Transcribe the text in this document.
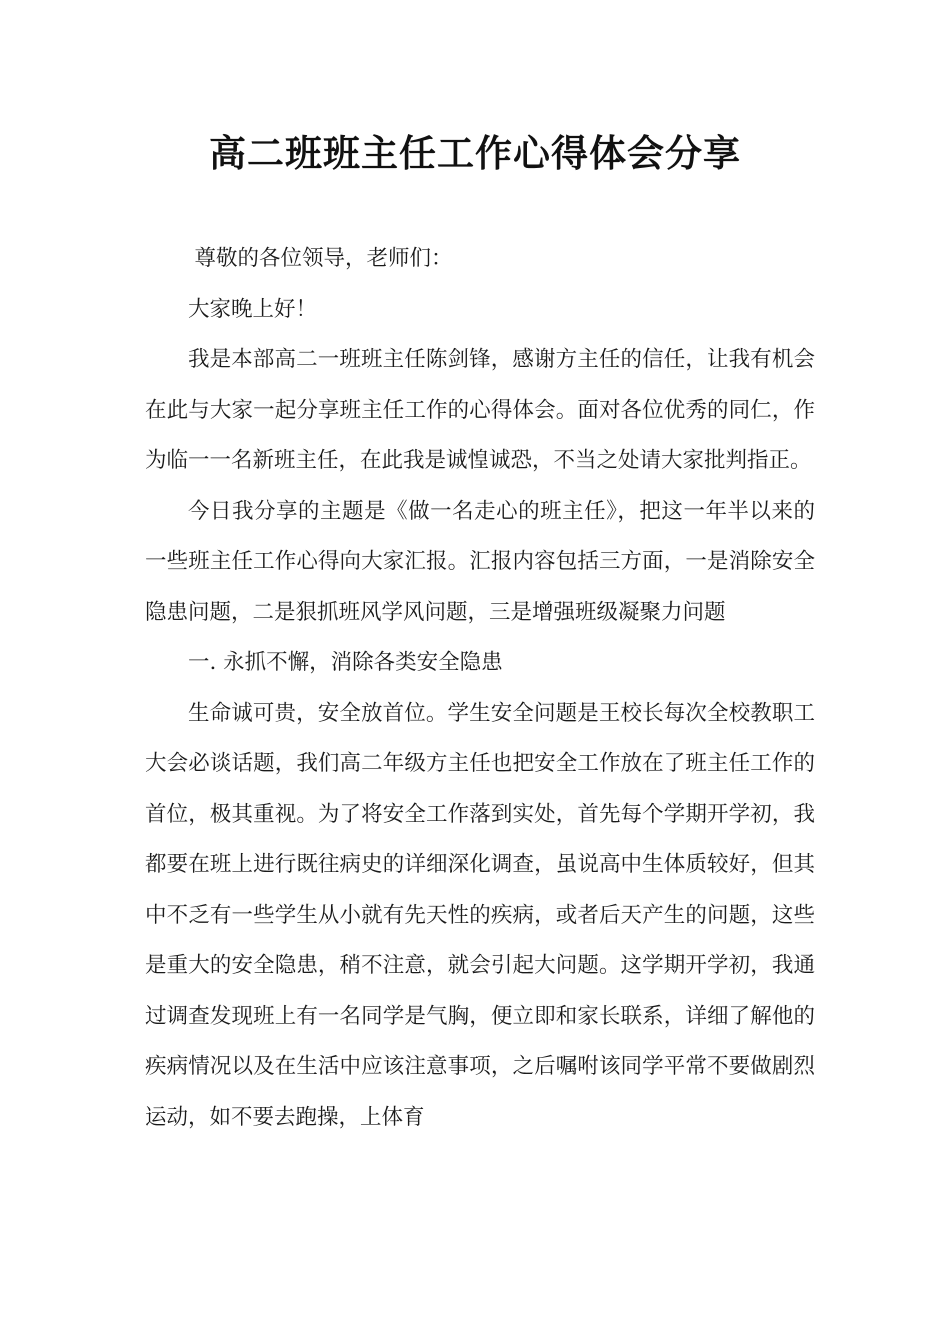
高二班班主任工作心得体会分享

尊敬的各位领导，老师们：

大家晚上好！

我是本部高二一班班主任陈剑锋，感谢方主任的信任，让我有机会在此与大家一起分享班主任工作的心得体会。面对各位优秀的同仁，作为临一一名新班主任，在此我是诚惶诚恐，不当之处请大家批判指正。

今日我分享的主题是《做一名走心的班主任》，把这一年半以来的一些班主任工作心得向大家汇报。汇报内容包括三方面，一是消除安全隐患问题，二是狠抓班风学风问题，三是增强班级凝聚力问题

一. 永抓不懈，消除各类安全隐患

生命诚可贵，安全放首位。学生安全问题是王校长每次全校教职工大会必谈话题，我们高二年级方主任也把安全工作放在了班主任工作的首位，极其重视。为了将安全工作落到实处，首先每个学期开学初，我都要在班上进行既往病史的详细深化调查，虽说高中生体质较好，但其中不乏有一些学生从小就有先天性的疾病，或者后天产生的问题，这些是重大的安全隐患，稍不注意，就会引起大问题。这学期开学初，我通过调查发现班上有一名同学是气胸，便立即和家长联系，详细了解他的疾病情况以及在生活中应该注意事项，之后嘱咐该同学平常不要做剧烈运动，如不要去跑操，上体育
